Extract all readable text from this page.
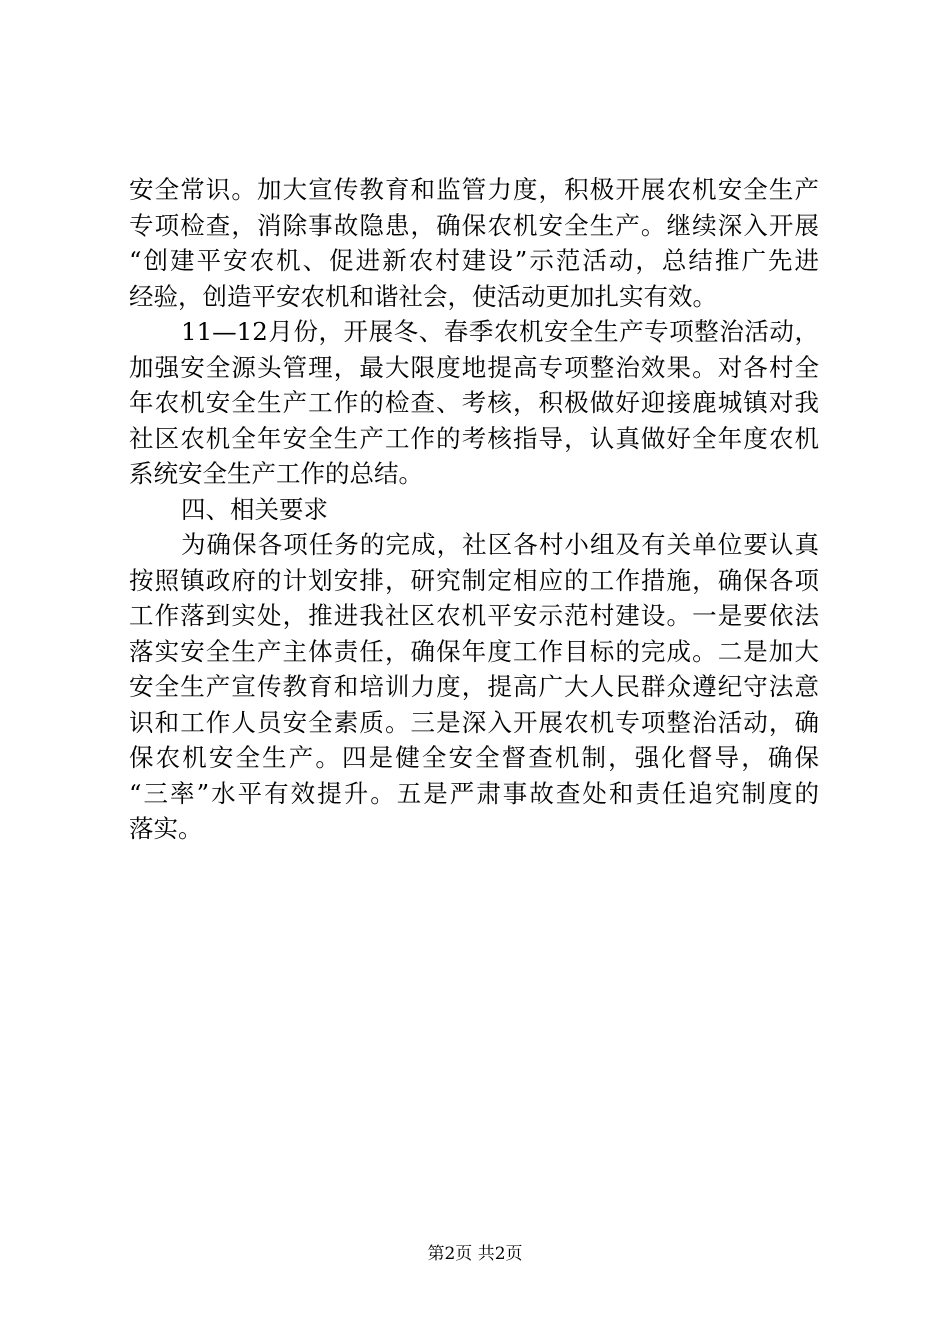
安全常识。加大宣传教育和监管力度，积极开展农机安全生产
专项检查，消除事故隐患，确保农机安全生产。继续深入开展
“创建平安农机、促进新农村建设”示范活动，总结推广先进
经验，创造平安农机和谐社会，使活动更加扎实有效。
11—12月份，开展冬、春季农机安全生产专项整治活动，
加强安全源头管理，最大限度地提高专项整治效果。对各村全
年农机安全生产工作的检查、考核，积极做好迎接鹿城镇对我
社区农机全年安全生产工作的考核指导，认真做好全年度农机
系统安全生产工作的总结。
四、相关要求
为确保各项任务的完成，社区各村小组及有关单位要认真
按照镇政府的计划安排，研究制定相应的工作措施，确保各项
工作落到实处，推进我社区农机平安示范村建设。一是要依法
落实安全生产主体责任，确保年度工作目标的完成。二是加大
安全生产宣传教育和培训力度，提高广大人民群众遵纪守法意
识和工作人员安全素质。三是深入开展农机专项整治活动，确
保农机安全生产。四是健全安全督查机制，强化督导，确保
“三率”水平有效提升。五是严肃事故查处和责任追究制度的
落实。
第2页 共2页
